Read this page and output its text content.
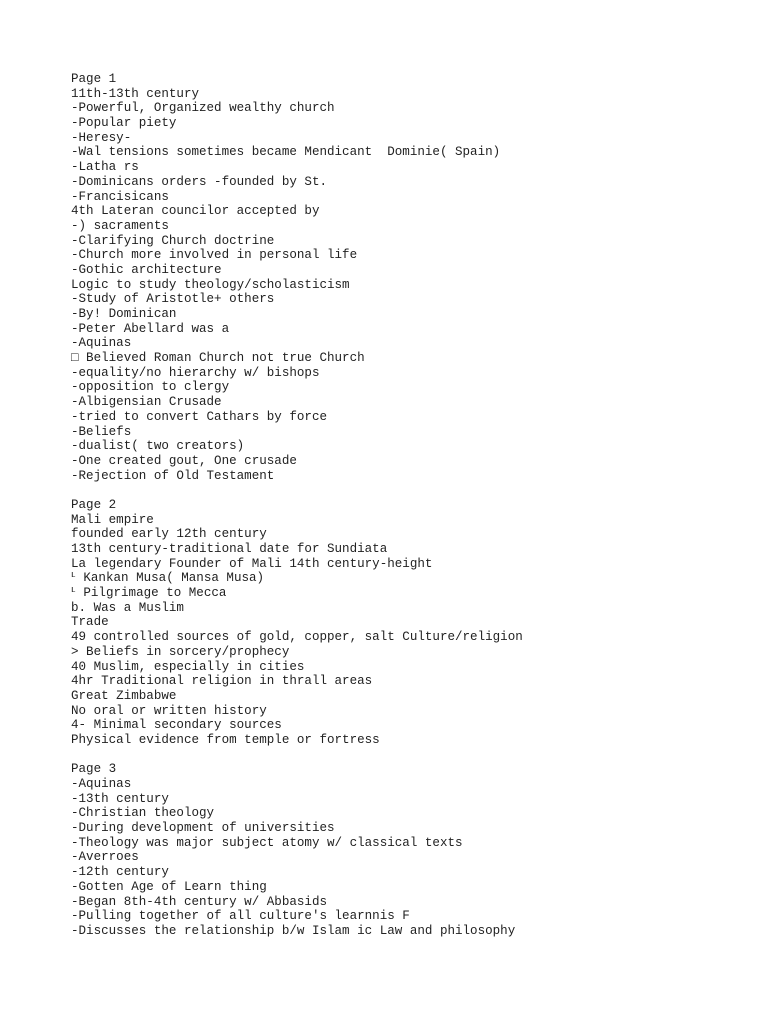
Page 1
11th-13th century
-Powerful, Organized wealthy church
-Popular piety
-Heresy-
-Wal tensions sometimes became Mendicant  Dominie( Spain)
-Latha rs
-Dominicans orders -founded by St.
-Francisicans
4th Lateran councilor accepted by
-) sacraments
-Clarifying Church doctrine
-Church more involved in personal life
-Gothic architecture
Logic to study theology/scholasticism
-Study of Aristotle+ others
-By! Dominican
-Peter Abellard was a
-Aquinas
□ Believed Roman Church not true Church
-equality/no hierarchy w/ bishops
-opposition to clergy
-Albigensian Crusade
-tried to convert Cathars by force
-Beliefs
-dualist( two creators)
-One created gout, One crusade
-Rejection of Old Testament
Page 2
Mali empire
founded early 12th century
13th century-traditional date for Sundiata
La legendary Founder of Mali 14th century-height
ᒻ Kankan Musa( Mansa Musa)
ᒻ Pilgrimage to Mecca
b. Was a Muslim
Trade
49 controlled sources of gold, copper, salt Culture/religion
> Beliefs in sorcery/prophecy
40 Muslim, especially in cities
4hr Traditional religion in thrall areas
Great Zimbabwe
No oral or written history
4- Minimal secondary sources
Physical evidence from temple or fortress
Page 3
-Aquinas
-13th century
-Christian theology
-During development of universities
-Theology was major subject atomy w/ classical texts
-Averroes
-12th century
-Gotten Age of Learn thing
-Began 8th-4th century w/ Abbasids
-Pulling together of all culture's learnnis F
-Discusses the relationship b/w Islam ic Law and philosophy
